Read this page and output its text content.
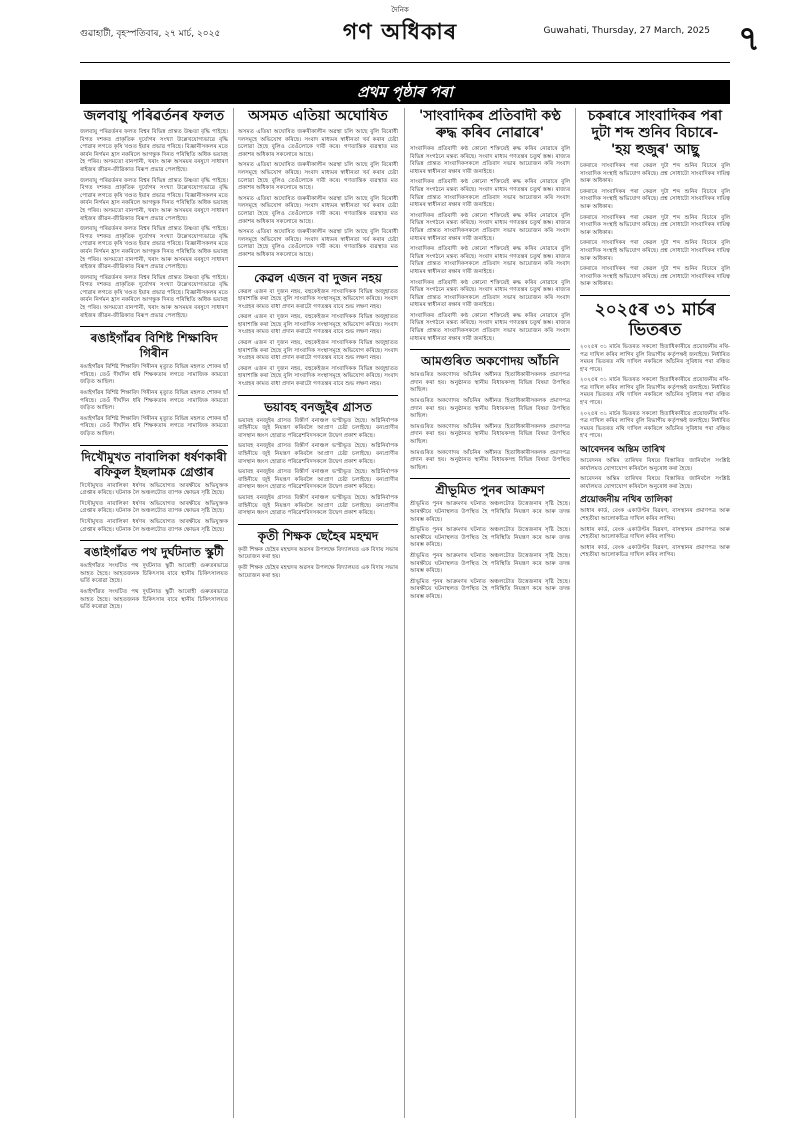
গুৱাহাটী, বৃহস্পতিবাৰ, ২৭ মাৰ্চ, ২০২৫
দৈনিক
গণ অধিকাৰ	Guwahati, Thursday, 27 March, 2025 ৭
প্ৰথম পৃষ্ঠাৰ পৰা
জলবায়ু পৰিৱৰ্তনৰ ফলত

জলবায়ু পৰিৱৰ্তনৰ ফলত বিশ্বৰ বিভিন্ন প্ৰান্তত উষ্ণতা বৃদ্ধি পাইছে। বিগত দশকত প্ৰাকৃতিক দুৰ্যোগৰ সংখ্যা উল্লেখযোগ্যভাৱে বৃদ্ধি পোৱাৰ লগতে কৃষি খণ্ডত ইয়াৰ প্ৰভাৱ পৰিছে। বিজ্ঞানীসকলৰ মতে কাৰ্বন নিৰ্গমন হ্ৰাস নকৰিলে আগন্তুক দিনত পৰিস্থিতি অধিক ভয়াবহ হৈ পৰিব। অসমতো বানপানী, খৰাং আৰু অসময়ৰ বৰষুণে সাধাৰণ ৰাইজৰ জীৱন-জীৱিকাত বিৰূপ প্ৰভাৱ পেলাইছে।

জলবায়ু পৰিৱৰ্তনৰ ফলত বিশ্বৰ বিভিন্ন প্ৰান্তত উষ্ণতা বৃদ্ধি পাইছে। বিগত দশকত প্ৰাকৃতিক দুৰ্যোগৰ সংখ্যা উল্লেখযোগ্যভাৱে বৃদ্ধি পোৱাৰ লগতে কৃষি খণ্ডত ইয়াৰ প্ৰভাৱ পৰিছে। বিজ্ঞানীসকলৰ মতে কাৰ্বন নিৰ্গমন হ্ৰাস নকৰিলে আগন্তুক দিনত পৰিস্থিতি অধিক ভয়াবহ হৈ পৰিব। অসমতো বানপানী, খৰাং আৰু অসময়ৰ বৰষুণে সাধাৰণ ৰাইজৰ জীৱন-জীৱিকাত বিৰূপ প্ৰভাৱ পেলাইছে।

জলবায়ু পৰিৱৰ্তনৰ ফলত বিশ্বৰ বিভিন্ন প্ৰান্তত উষ্ণতা বৃদ্ধি পাইছে। বিগত দশকত প্ৰাকৃতিক দুৰ্যোগৰ সংখ্যা উল্লেখযোগ্যভাৱে বৃদ্ধি পোৱাৰ লগতে কৃষি খণ্ডত ইয়াৰ প্ৰভাৱ পৰিছে। বিজ্ঞানীসকলৰ মতে কাৰ্বন নিৰ্গমন হ্ৰাস নকৰিলে আগন্তুক দিনত পৰিস্থিতি অধিক ভয়াবহ হৈ পৰিব। অসমতো বানপানী, খৰাং আৰু অসময়ৰ বৰষুণে সাধাৰণ ৰাইজৰ জীৱন-জীৱিকাত বিৰূপ প্ৰভাৱ পেলাইছে।

জলবায়ু পৰিৱৰ্তনৰ ফলত বিশ্বৰ বিভিন্ন প্ৰান্তত উষ্ণতা বৃদ্ধি পাইছে। বিগত দশকত প্ৰাকৃতিক দুৰ্যোগৰ সংখ্যা উল্লেখযোগ্যভাৱে বৃদ্ধি পোৱাৰ লগতে কৃষি খণ্ডত ইয়াৰ প্ৰভাৱ পৰিছে। বিজ্ঞানীসকলৰ মতে কাৰ্বন নিৰ্গমন হ্ৰাস নকৰিলে আগন্তুক দিনত পৰিস্থিতি অধিক ভয়াবহ হৈ পৰিব। অসমতো বানপানী, খৰাং আৰু অসময়ৰ বৰষুণে সাধাৰণ ৰাইজৰ জীৱন-জীৱিকাত বিৰূপ প্ৰভাৱ পেলাইছে।

ৰঙাইগাঁৱৰ বিশিষ্ট শিক্ষাবিদ গিৰীন

ৰঙাইগাঁৱৰ বিশিষ্ট শিক্ষাবিদ গিৰীনৰ মৃত্যুত বিভিন্ন মহলত শোকৰ ছাঁ পৰিছে। তেওঁ দীৰ্ঘদিন ধৰি শিক্ষকতাৰ লগতে সামাজিক কামতো জড়িত আছিল।

ৰঙাইগাঁৱৰ বিশিষ্ট শিক্ষাবিদ গিৰীনৰ মৃত্যুত বিভিন্ন মহলত শোকৰ ছাঁ পৰিছে। তেওঁ দীৰ্ঘদিন ধৰি শিক্ষকতাৰ লগতে সামাজিক কামতো জড়িত আছিল।

ৰঙাইগাঁৱৰ বিশিষ্ট শিক্ষাবিদ গিৰীনৰ মৃত্যুত বিভিন্ন মহলত শোকৰ ছাঁ পৰিছে। তেওঁ দীৰ্ঘদিন ধৰি শিক্ষকতাৰ লগতে সামাজিক কামতো জড়িত আছিল।

দিখৌমুখত নাবালিকা ধৰ্ষণকাৰী ৰফিকুল ইছলামক গ্ৰেপ্তাৰ

দিখৌমুখত নাবালিকা ধৰ্ষণৰ অভিযোগত আৰক্ষীয়ে অভিযুক্তক গ্ৰেপ্তাৰ কৰিছে। ঘটনাক লৈ অঞ্চলটোত ব্যাপক ক্ষোভৰ সৃষ্টি হৈছে।

দিখৌমুখত নাবালিকা ধৰ্ষণৰ অভিযোগত আৰক্ষীয়ে অভিযুক্তক গ্ৰেপ্তাৰ কৰিছে। ঘটনাক লৈ অঞ্চলটোত ব্যাপক ক্ষোভৰ সৃষ্টি হৈছে।

দিখৌমুখত নাবালিকা ধৰ্ষণৰ অভিযোগত আৰক্ষীয়ে অভিযুক্তক গ্ৰেপ্তাৰ কৰিছে। ঘটনাক লৈ অঞ্চলটোত ব্যাপক ক্ষোভৰ সৃষ্টি হৈছে।

ৰঙাইগাঁৱত পথ দুৰ্ঘটনাত স্কুটী

ৰঙাইগাঁৱত সংঘটিত পথ দুৰ্ঘটনাত স্কুটী আৰোহী গুৰুতৰভাৱে আহত হৈছে। আহতজনক চিকিৎসাৰ বাবে স্থানীয় চিকিৎসালয়ত ভৰ্তি কৰোৱা হৈছে।

ৰঙাইগাঁৱত সংঘটিত পথ দুৰ্ঘটনাত স্কুটী আৰোহী গুৰুতৰভাৱে আহত হৈছে। আহতজনক চিকিৎসাৰ বাবে স্থানীয় চিকিৎসালয়ত ভৰ্তি কৰোৱা হৈছে।

অসমত এতিয়া অঘোষিত

অসমত এতিয়া অঘোষিত জৰুৰীকালীন অৱস্থা চলি আছে বুলি বিৰোধী দলসমূহে অভিযোগ কৰিছে। সংবাদ মাধ্যমৰ স্বাধীনতা খৰ্ব কৰাৰ চেষ্টা চলোৱা হৈছে বুলিও তেওঁলোকে দাবী কৰে। গণতান্ত্ৰিক ব্যৱস্থাত মত প্ৰকাশৰ অধিকাৰ সকলোৰে আছে।

অসমত এতিয়া অঘোষিত জৰুৰীকালীন অৱস্থা চলি আছে বুলি বিৰোধী দলসমূহে অভিযোগ কৰিছে। সংবাদ মাধ্যমৰ স্বাধীনতা খৰ্ব কৰাৰ চেষ্টা চলোৱা হৈছে বুলিও তেওঁলোকে দাবী কৰে। গণতান্ত্ৰিক ব্যৱস্থাত মত প্ৰকাশৰ অধিকাৰ সকলোৰে আছে।

অসমত এতিয়া অঘোষিত জৰুৰীকালীন অৱস্থা চলি আছে বুলি বিৰোধী দলসমূহে অভিযোগ কৰিছে। সংবাদ মাধ্যমৰ স্বাধীনতা খৰ্ব কৰাৰ চেষ্টা চলোৱা হৈছে বুলিও তেওঁলোকে দাবী কৰে। গণতান্ত্ৰিক ব্যৱস্থাত মত প্ৰকাশৰ অধিকাৰ সকলোৰে আছে।

অসমত এতিয়া অঘোষিত জৰুৰীকালীন অৱস্থা চলি আছে বুলি বিৰোধী দলসমূহে অভিযোগ কৰিছে। সংবাদ মাধ্যমৰ স্বাধীনতা খৰ্ব কৰাৰ চেষ্টা চলোৱা হৈছে বুলিও তেওঁলোকে দাবী কৰে। গণতান্ত্ৰিক ব্যৱস্থাত মত প্ৰকাশৰ অধিকাৰ সকলোৰে আছে।

কেৱল এজন বা দুজন নহয়

কেৱল এজন বা দুজন নহয়, বহুকেইজন সাংবাদিকক বিভিন্ন অজুহাতত হাৰাশাস্তি কৰা হৈছে বুলি সাংবাদিক সংস্থাসমূহে অভিযোগ কৰিছে। সংবাদ সংগ্ৰহৰ কামত বাধা প্ৰদান কৰাটো গণতন্ত্ৰৰ বাবে শুভ লক্ষণ নহয়।

কেৱল এজন বা দুজন নহয়, বহুকেইজন সাংবাদিকক বিভিন্ন অজুহাতত হাৰাশাস্তি কৰা হৈছে বুলি সাংবাদিক সংস্থাসমূহে অভিযোগ কৰিছে। সংবাদ সংগ্ৰহৰ কামত বাধা প্ৰদান কৰাটো গণতন্ত্ৰৰ বাবে শুভ লক্ষণ নহয়।

কেৱল এজন বা দুজন নহয়, বহুকেইজন সাংবাদিকক বিভিন্ন অজুহাতত হাৰাশাস্তি কৰা হৈছে বুলি সাংবাদিক সংস্থাসমূহে অভিযোগ কৰিছে। সংবাদ সংগ্ৰহৰ কামত বাধা প্ৰদান কৰাটো গণতন্ত্ৰৰ বাবে শুভ লক্ষণ নহয়।

কেৱল এজন বা দুজন নহয়, বহুকেইজন সাংবাদিকক বিভিন্ন অজুহাতত হাৰাশাস্তি কৰা হৈছে বুলি সাংবাদিক সংস্থাসমূহে অভিযোগ কৰিছে। সংবাদ সংগ্ৰহৰ কামত বাধা প্ৰদান কৰাটো গণতন্ত্ৰৰ বাবে শুভ লক্ষণ নহয়।

ভয়াবহ বনজুইৰ গ্ৰাসত

ভয়াবহ বনজুইৰ গ্ৰাসত বিস্তীৰ্ণ বনাঞ্চল ভস্মীভূত হৈছে। অগ্নিনিৰ্বাপক বাহিনীয়ে জুই নিয়ন্ত্ৰণ কৰিবলৈ আপ্ৰাণ চেষ্টা চলাইছে। বন্যপ্ৰাণীৰ বাসস্থান ধ্বংস হোৱাত পৰিৱেশবিদসকলে উদ্বেগ প্ৰকাশ কৰিছে।

ভয়াবহ বনজুইৰ গ্ৰাসত বিস্তীৰ্ণ বনাঞ্চল ভস্মীভূত হৈছে। অগ্নিনিৰ্বাপক বাহিনীয়ে জুই নিয়ন্ত্ৰণ কৰিবলৈ আপ্ৰাণ চেষ্টা চলাইছে। বন্যপ্ৰাণীৰ বাসস্থান ধ্বংস হোৱাত পৰিৱেশবিদসকলে উদ্বেগ প্ৰকাশ কৰিছে।

ভয়াবহ বনজুইৰ গ্ৰাসত বিস্তীৰ্ণ বনাঞ্চল ভস্মীভূত হৈছে। অগ্নিনিৰ্বাপক বাহিনীয়ে জুই নিয়ন্ত্ৰণ কৰিবলৈ আপ্ৰাণ চেষ্টা চলাইছে। বন্যপ্ৰাণীৰ বাসস্থান ধ্বংস হোৱাত পৰিৱেশবিদসকলে উদ্বেগ প্ৰকাশ কৰিছে।

ভয়াবহ বনজুইৰ গ্ৰাসত বিস্তীৰ্ণ বনাঞ্চল ভস্মীভূত হৈছে। অগ্নিনিৰ্বাপক বাহিনীয়ে জুই নিয়ন্ত্ৰণ কৰিবলৈ আপ্ৰাণ চেষ্টা চলাইছে। বন্যপ্ৰাণীৰ বাসস্থান ধ্বংস হোৱাত পৰিৱেশবিদসকলে উদ্বেগ প্ৰকাশ কৰিছে।

কৃতী শিক্ষক ছেহৈৰ মহম্মদ

কৃতী শিক্ষক ছেহৈৰ মহম্মদৰ অৱসৰ উপলক্ষে বিদ্যালয়ত এক বিদায় সভাৰ আয়োজন কৰা হয়।

কৃতী শিক্ষক ছেহৈৰ মহম্মদৰ অৱসৰ উপলক্ষে বিদ্যালয়ত এক বিদায় সভাৰ আয়োজন কৰা হয়।

'সাংবাদিকৰ প্ৰতিবাদী কণ্ঠ ৰুদ্ধ কৰিব নোৱাৰে'

সাংবাদিকৰ প্ৰতিবাদী কণ্ঠ কোনো শক্তিয়েই ৰুদ্ধ কৰিব নোৱাৰে বুলি বিভিন্ন সংগঠনে মন্তব্য কৰিছে। সংবাদ মাধ্যম গণতন্ত্ৰৰ চতুৰ্থ স্তম্ভ। ৰাজ্যৰ বিভিন্ন প্ৰান্তত সাংবাদিকসকলে প্ৰতিবাদ সভাৰ আয়োজন কৰি সংবাদ মাধ্যমৰ স্বাধীনতা ৰক্ষাৰ দাবী জনাইছে।

সাংবাদিকৰ প্ৰতিবাদী কণ্ঠ কোনো শক্তিয়েই ৰুদ্ধ কৰিব নোৱাৰে বুলি বিভিন্ন সংগঠনে মন্তব্য কৰিছে। সংবাদ মাধ্যম গণতন্ত্ৰৰ চতুৰ্থ স্তম্ভ। ৰাজ্যৰ বিভিন্ন প্ৰান্তত সাংবাদিকসকলে প্ৰতিবাদ সভাৰ আয়োজন কৰি সংবাদ মাধ্যমৰ স্বাধীনতা ৰক্ষাৰ দাবী জনাইছে।

সাংবাদিকৰ প্ৰতিবাদী কণ্ঠ কোনো শক্তিয়েই ৰুদ্ধ কৰিব নোৱাৰে বুলি বিভিন্ন সংগঠনে মন্তব্য কৰিছে। সংবাদ মাধ্যম গণতন্ত্ৰৰ চতুৰ্থ স্তম্ভ। ৰাজ্যৰ বিভিন্ন প্ৰান্তত সাংবাদিকসকলে প্ৰতিবাদ সভাৰ আয়োজন কৰি সংবাদ মাধ্যমৰ স্বাধীনতা ৰক্ষাৰ দাবী জনাইছে।

সাংবাদিকৰ প্ৰতিবাদী কণ্ঠ কোনো শক্তিয়েই ৰুদ্ধ কৰিব নোৱাৰে বুলি বিভিন্ন সংগঠনে মন্তব্য কৰিছে। সংবাদ মাধ্যম গণতন্ত্ৰৰ চতুৰ্থ স্তম্ভ। ৰাজ্যৰ বিভিন্ন প্ৰান্তত সাংবাদিকসকলে প্ৰতিবাদ সভাৰ আয়োজন কৰি সংবাদ মাধ্যমৰ স্বাধীনতা ৰক্ষাৰ দাবী জনাইছে।

সাংবাদিকৰ প্ৰতিবাদী কণ্ঠ কোনো শক্তিয়েই ৰুদ্ধ কৰিব নোৱাৰে বুলি বিভিন্ন সংগঠনে মন্তব্য কৰিছে। সংবাদ মাধ্যম গণতন্ত্ৰৰ চতুৰ্থ স্তম্ভ। ৰাজ্যৰ বিভিন্ন প্ৰান্তত সাংবাদিকসকলে প্ৰতিবাদ সভাৰ আয়োজন কৰি সংবাদ মাধ্যমৰ স্বাধীনতা ৰক্ষাৰ দাবী জনাইছে।

সাংবাদিকৰ প্ৰতিবাদী কণ্ঠ কোনো শক্তিয়েই ৰুদ্ধ কৰিব নোৱাৰে বুলি বিভিন্ন সংগঠনে মন্তব্য কৰিছে। সংবাদ মাধ্যম গণতন্ত্ৰৰ চতুৰ্থ স্তম্ভ। ৰাজ্যৰ বিভিন্ন প্ৰান্তত সাংবাদিকসকলে প্ৰতিবাদ সভাৰ আয়োজন কৰি সংবাদ মাধ্যমৰ স্বাধীনতা ৰক্ষাৰ দাবী জনাইছে।

আমগুৰিত অকণোদয় আঁচনি

আমগুৰিত অকণোদয় আঁচনিৰ অধীনত হিতাধিকাৰীসকলক প্ৰমাণপত্ৰ প্ৰদান কৰা হয়। অনুষ্ঠানত স্থানীয় বিধায়কসহ বিভিন্ন বিষয়া উপস্থিত আছিল।

আমগুৰিত অকণোদয় আঁচনিৰ অধীনত হিতাধিকাৰীসকলক প্ৰমাণপত্ৰ প্ৰদান কৰা হয়। অনুষ্ঠানত স্থানীয় বিধায়কসহ বিভিন্ন বিষয়া উপস্থিত আছিল।

আমগুৰিত অকণোদয় আঁচনিৰ অধীনত হিতাধিকাৰীসকলক প্ৰমাণপত্ৰ প্ৰদান কৰা হয়। অনুষ্ঠানত স্থানীয় বিধায়কসহ বিভিন্ন বিষয়া উপস্থিত আছিল।

আমগুৰিত অকণোদয় আঁচনিৰ অধীনত হিতাধিকাৰীসকলক প্ৰমাণপত্ৰ প্ৰদান কৰা হয়। অনুষ্ঠানত স্থানীয় বিধায়কসহ বিভিন্ন বিষয়া উপস্থিত আছিল।

শ্ৰীভূমিত পুনৰ আক্ৰমণ

শ্ৰীভূমিত পুনৰ আক্ৰমণৰ ঘটনাত অঞ্চলটোত উত্তেজনাৰ সৃষ্টি হৈছে। আৰক্ষীয়ে ঘটনাস্থলত উপস্থিত হৈ পৰিস্থিতি নিয়ন্ত্ৰণ কৰে আৰু তদন্ত আৰম্ভ কৰিছে।

শ্ৰীভূমিত পুনৰ আক্ৰমণৰ ঘটনাত অঞ্চলটোত উত্তেজনাৰ সৃষ্টি হৈছে। আৰক্ষীয়ে ঘটনাস্থলত উপস্থিত হৈ পৰিস্থিতি নিয়ন্ত্ৰণ কৰে আৰু তদন্ত আৰম্ভ কৰিছে।

শ্ৰীভূমিত পুনৰ আক্ৰমণৰ ঘটনাত অঞ্চলটোত উত্তেজনাৰ সৃষ্টি হৈছে। আৰক্ষীয়ে ঘটনাস্থলত উপস্থিত হৈ পৰিস্থিতি নিয়ন্ত্ৰণ কৰে আৰু তদন্ত আৰম্ভ কৰিছে।

শ্ৰীভূমিত পুনৰ আক্ৰমণৰ ঘটনাত অঞ্চলটোত উত্তেজনাৰ সৃষ্টি হৈছে। আৰক্ষীয়ে ঘটনাস্থলত উপস্থিত হৈ পৰিস্থিতি নিয়ন্ত্ৰণ কৰে আৰু তদন্ত আৰম্ভ কৰিছে।

চকৰাৰে সাংবাদিকৰ পৰা দুটা শব্দ শুনিব বিচাৰে- 'হয় হুজুৰ' আছু

চকৰাৰে সাংবাদিকৰ পৰা কেৱল দুটা শব্দ শুনিব বিচাৰে বুলি সাংবাদিক সংস্থাই অভিযোগ কৰিছে। প্ৰশ্ন সোধাটো সাংবাদিকৰ দায়িত্ব আৰু অধিকাৰ।

চকৰাৰে সাংবাদিকৰ পৰা কেৱল দুটা শব্দ শুনিব বিচাৰে বুলি সাংবাদিক সংস্থাই অভিযোগ কৰিছে। প্ৰশ্ন সোধাটো সাংবাদিকৰ দায়িত্ব আৰু অধিকাৰ।

চকৰাৰে সাংবাদিকৰ পৰা কেৱল দুটা শব্দ শুনিব বিচাৰে বুলি সাংবাদিক সংস্থাই অভিযোগ কৰিছে। প্ৰশ্ন সোধাটো সাংবাদিকৰ দায়িত্ব আৰু অধিকাৰ।

চকৰাৰে সাংবাদিকৰ পৰা কেৱল দুটা শব্দ শুনিব বিচাৰে বুলি সাংবাদিক সংস্থাই অভিযোগ কৰিছে। প্ৰশ্ন সোধাটো সাংবাদিকৰ দায়িত্ব আৰু অধিকাৰ।

চকৰাৰে সাংবাদিকৰ পৰা কেৱল দুটা শব্দ শুনিব বিচাৰে বুলি সাংবাদিক সংস্থাই অভিযোগ কৰিছে। প্ৰশ্ন সোধাটো সাংবাদিকৰ দায়িত্ব আৰু অধিকাৰ।

২০২৫ৰ ৩১ মাৰ্চৰ ভিতৰত

২০২৫ৰ ৩১ মাৰ্চৰ ভিতৰত সকলো হিতাধিকাৰীয়ে প্ৰয়োজনীয় নথি-পত্ৰ দাখিল কৰিব লাগিব বুলি বিভাগীয় কৰ্তৃপক্ষই জনাইছে। নিৰ্ধাৰিত সময়ৰ ভিতৰত নথি দাখিল নকৰিলে আঁচনিৰ সুবিধাৰ পৰা বঞ্চিত হ'ব পাৰে।

২০২৫ৰ ৩১ মাৰ্চৰ ভিতৰত সকলো হিতাধিকাৰীয়ে প্ৰয়োজনীয় নথি-পত্ৰ দাখিল কৰিব লাগিব বুলি বিভাগীয় কৰ্তৃপক্ষই জনাইছে। নিৰ্ধাৰিত সময়ৰ ভিতৰত নথি দাখিল নকৰিলে আঁচনিৰ সুবিধাৰ পৰা বঞ্চিত হ'ব পাৰে।

২০২৫ৰ ৩১ মাৰ্চৰ ভিতৰত সকলো হিতাধিকাৰীয়ে প্ৰয়োজনীয় নথি-পত্ৰ দাখিল কৰিব লাগিব বুলি বিভাগীয় কৰ্তৃপক্ষই জনাইছে। নিৰ্ধাৰিত সময়ৰ ভিতৰত নথি দাখিল নকৰিলে আঁচনিৰ সুবিধাৰ পৰা বঞ্চিত হ'ব পাৰে।

আবেদনৰ অন্তিম তাৰিখ

আবেদনৰ অন্তিম তাৰিখৰ বিষয়ে বিস্তাৰিত জানিবলৈ সংশ্লিষ্ট কাৰ্যালয়ত যোগাযোগ কৰিবলৈ অনুৰোধ কৰা হৈছে।

আবেদনৰ অন্তিম তাৰিখৰ বিষয়ে বিস্তাৰিত জানিবলৈ সংশ্লিষ্ট কাৰ্যালয়ত যোগাযোগ কৰিবলৈ অনুৰোধ কৰা হৈছে।

প্ৰয়োজনীয় নথিৰ তালিকা

আধাৰ কাৰ্ড, বেংক একাউণ্টৰ বিৱৰণ, বাসস্থানৰ প্ৰমাণপত্ৰ আৰু শেহতীয়া আলোকচিত্ৰ দাখিল কৰিব লাগিব।

আধাৰ কাৰ্ড, বেংক একাউণ্টৰ বিৱৰণ, বাসস্থানৰ প্ৰমাণপত্ৰ আৰু শেহতীয়া আলোকচিত্ৰ দাখিল কৰিব লাগিব।

আধাৰ কাৰ্ড, বেংক একাউণ্টৰ বিৱৰণ, বাসস্থানৰ প্ৰমাণপত্ৰ আৰু শেহতীয়া আলোকচিত্ৰ দাখিল কৰিব লাগিব।
